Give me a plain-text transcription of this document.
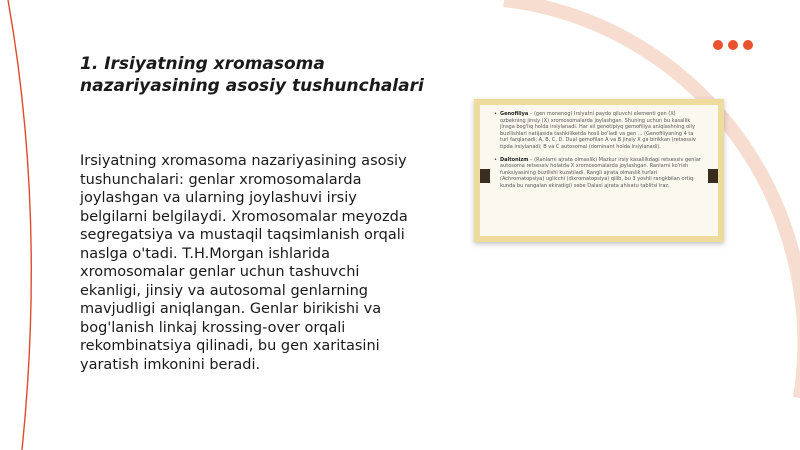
1. Irsiyatning xromasoma nazariyasining asosiy tushunchalari

Irsiyatning xromasoma nazariyasining asosiy tushunchalari: genlar xromosomalarda joylashgan va ularning joylashuvi irsiy belgilarni belgilaydi. Xromosomalar meyozda segregatsiya va mustaqil taqsimlanish orqali naslga o'tadi. T.H.Morgan ishlarida xromosomalar genlar uchun tashuvchi ekanligi, jinsiy va autosomal genlarning mavjudligi aniqlangan. Genlar birikishi va bog'lanish linkaj krossing-over orqali rekombinatsiya qilinadi, bu gen xaritasini yaratish imkonini beradi.

• Genofiliya – (gen monenog) Irsiyatni paydo qiluvchi elementi gen (X) ozbekning jinsiy (X) xromosomalarda joylashgan. Shuning uchun bu kasallik jinsga bog'liq holda irsiylanadi. Har xil genotipiyq gemofiliya aniqlashning oily buzilishlari natijasida tashkiliketda hosil bo'ladi va gen ... (Genofiliyaning 4 ta turi farqlanadi: A, B, C, D. Dual gemofilan A va B jinsiy X ga birikkan (retsessiv tipda irsiylanadi; B va C autosomal (dominant holda irsiylanadi).

• Daltonizm – (Ranlarni ajrata olmaslik) Mazkur irsiy kasallikdagi retsessiv genlar autosoma retsessiv holatda X xromosomalarda joylashgan. Ranlarni ko'rish funksiyasining buzilishi kuzatiladi. Rangli ajrata olmaslik turlari (Achromatopsiya) uglicchi (dixromatopsiya) qilib, bu 3 yoshli rangkbilan ortiq: kunda bu rangalan ekiradigi) sebe Dalasi ajrata ahlsatu tablitsi iraz.
